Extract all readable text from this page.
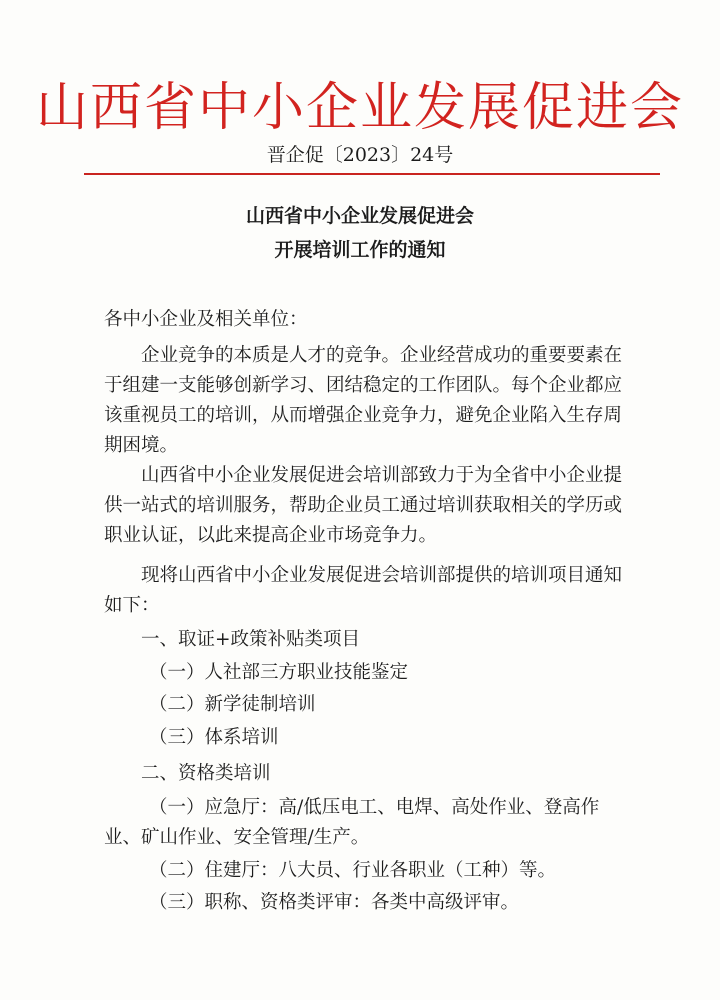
山西省中小企业发展促进会
晋企促〔2023〕24号
山西省中小企业发展促进会
开展培训工作的通知
各中小企业及相关单位：
企业竞争的本质是人才的竞争。企业经营成功的重要要素在于组建一支能够创新学习、团结稳定的工作团队。每个企业都应该重视员工的培训，从而增强企业竞争力，避免企业陷入生存周期困境。
山西省中小企业发展促进会培训部致力于为全省中小企业提供一站式的培训服务，帮助企业员工通过培训获取相关的学历或职业认证，以此来提高企业市场竞争力。
现将山西省中小企业发展促进会培训部提供的培训项目通知如下：
一、取证+政策补贴类项目
（一）人社部三方职业技能鉴定
（二）新学徒制培训
（三）体系培训
二、资格类培训
（一）应急厅：高/低压电工、电焊、高处作业、登高作业、矿山作业、安全管理/生产。
（二）住建厅：八大员、行业各职业（工种）等。
（三）职称、资格类评审：各类中高级评审。
